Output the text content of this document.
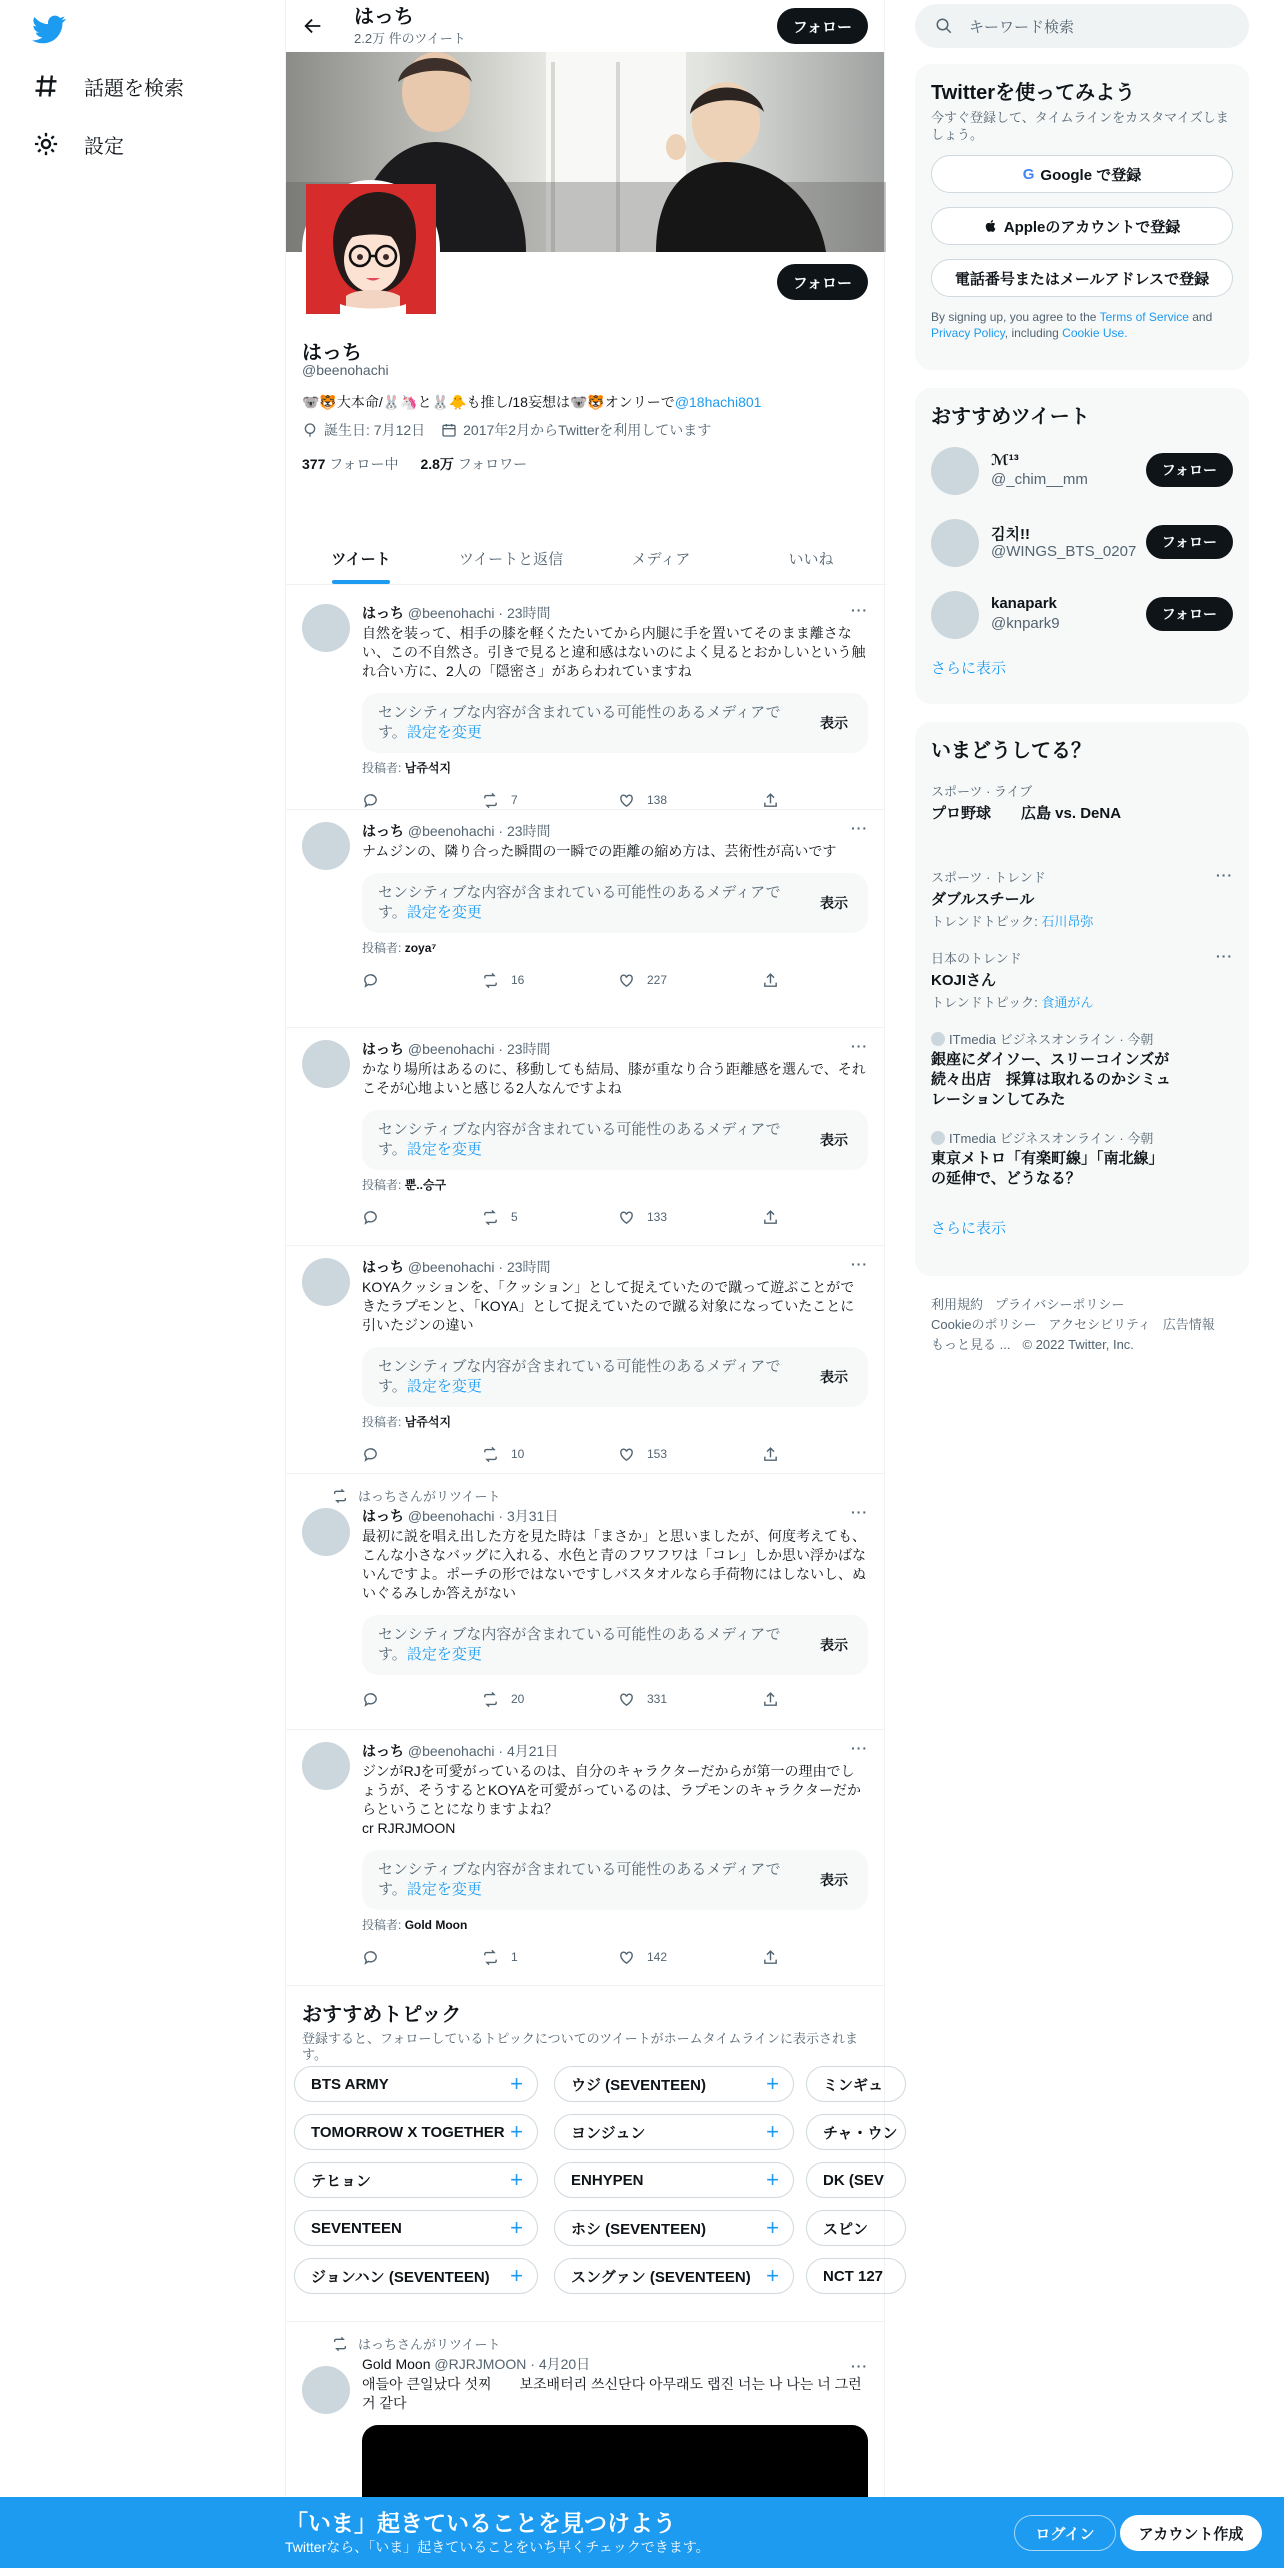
話題を検索
設定
はっち
2.2万 件のツイート
フォロー
フォロー
はっち
@beenohachi
🐨🐯大本命/🐰🦄と🐰🐥も推し/18妄想は🐨🐯オンリーで@18hachi801
誕生日: 7月12日	2017年2月からTwitterを利用しています
377 フォロー中 2.8万 フォロワー
ツイート	ツイートと返信	メディア	いいね
···
はっち @beenohachi · 23時間
自然を装って、相手の膝を軽くたたいてから内腿に手を置いてそのまま離さない、この不自然さ。引きで見ると違和感はないのによく見るとおかしいという触れ合い方に、2人の「隠密さ」があらわれていますね
センシティブな内容が含まれている可能性のあるメディアです。設定を変更
表示
投稿者: 남쥬석지
7	138
···
はっち @beenohachi · 23時間
ナムジンの、隣り合った瞬間の一瞬での距離の縮め方は、芸術性が高いです
センシティブな内容が含まれている可能性のあるメディアです。設定を変更
表示
投稿者: zoya⁷
16	227
···
はっち @beenohachi · 23時間
かなり場所はあるのに、移動しても結局、膝が重なり合う距離感を選んで、それこそが心地よいと感じる2人なんですよね
センシティブな内容が含まれている可能性のあるメディアです。設定を変更
表示
投稿者: 뿐..승구
5	133
···
はっち @beenohachi · 23時間
KOYAクッションを、「クッション」として捉えていたので蹴って遊ぶことができたラプモンと、「KOYA」として捉えていたので蹴る対象になっていたことに引いたジンの違い
センシティブな内容が含まれている可能性のあるメディアです。設定を変更
表示
投稿者: 남쥬석지
10	153
はっちさんがリツイート
···
はっち @beenohachi · 3月31日
最初に説を唱え出した方を見た時は「まさか」と思いましたが、何度考えても、こんな小さなバッグに入れる、水色と青のフワフワは「コレ」しか思い浮かばないんですよ。ポーチの形ではないですしバスタオルなら手荷物にはしないし、ぬいぐるみしか答えがない
センシティブな内容が含まれている可能性のあるメディアです。設定を変更
表示
20	331
···
はっち @beenohachi · 4月21日
ジンがRJを可愛がっているのは、自分のキャラクターだからが第一の理由でしょうが、そうするとKOYAを可愛がっているのは、ラプモンのキャラクターだからということになりますよね？
cr RJRJMOON
センシティブな内容が含まれている可能性のあるメディアです。設定を変更
表示
投稿者: Gold Moon
1	142
おすすめトピック

登録すると、フォローしているトピックについてのツイートがホームタイムラインに表示されます。

BTS ARMY	+	ウジ (SEVENTEEN)	+	ミンギュ
TOMORROW X TOGETHER +	ヨンジュン	+	チャ・ウン
テヒョン	+	ENHYPEN	+	DK (SEV
SEVENTEEN	+	ホシ (SEVENTEEN)	+	スピン
ジョンハン (SEVENTEEN) +	スングァン (SEVENTEEN) +	NCT 127
はっちさんがリツイート
Gold Moon @RJRJMOON · 4月20日	···
애들아 큰일났다 섯찌　　보조배터리 쓰신단다 아무래도 랩진 너는 나 나는 너 그런거 같다
キーワード検索
Twitterを使ってみよう
今すぐ登録して、タイムラインをカスタマイズしましょう。
G Google で登録
Appleのアカウントで登録
電話番号またはメールアドレスで登録
By signing up, you agree to the Terms of Service and Privacy Policy, including Cookie Use.
おすすめツイート
ℳ¹³
@_chim__mm
フォロー
김치!!
@WINGS_BTS_0207
フォロー
kanapark
@knpark9
フォロー
さらに表示
いまどうしてる？
スポーツ · ライブ
プロ野球　　広島 vs. DeNA
スポーツ · トレンド
ダブルスチール
トレンドトピック: 石川昂弥
···
日本のトレンド
KOJIさん
トレンドトピック: 食通がん
···
ITmedia ビジネスオンライン · 今朝
銀座にダイソー、スリーコインズが続々出店　採算は取れるのかシミュレーションしてみた
ITmedia ビジネスオンライン · 今朝
東京メトロ「有楽町線」「南北線」の延伸で、どうなる？
さらに表示
利用規約 プライバシーポリシー
Cookieのポリシー アクセシビリティ 広告情報
もっと見る ... © 2022 Twitter, Inc.
「いま」起きていることを見つけよう
Twitterなら、「いま」起きていることをいち早くチェックできます。
ログイン	アカウント作成
